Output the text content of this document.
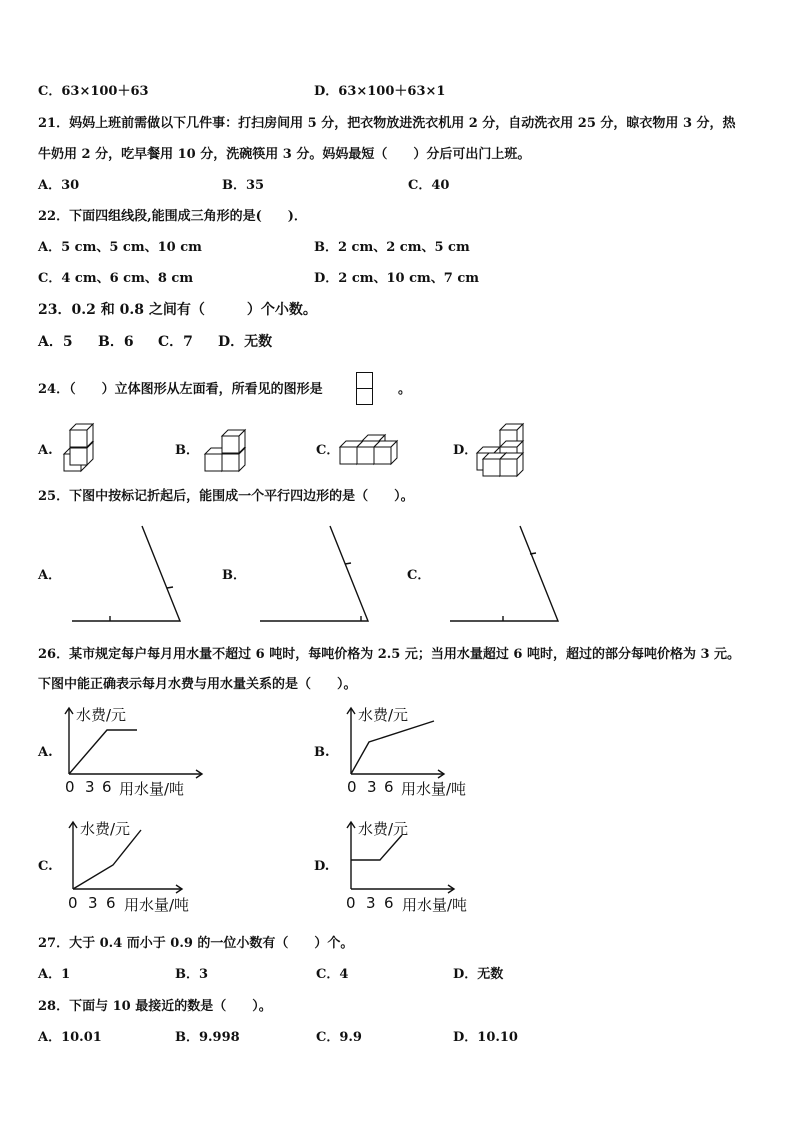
C．63×100＋63	D．63×100＋63×1
21．妈妈上班前需做以下几件事：打扫房间用 5 分，把衣物放进洗衣机用 2 分，自动洗衣用 25 分，晾衣物用 3 分，热
牛奶用 2 分，吃早餐用 10 分，洗碗筷用 3 分。妈妈最短（　　）分后可出门上班。
A．30	B．35	C．40
22．下面四组线段,能围成三角形的是(　　)．
A．5 cm、5 cm、10 cm	B．2 cm、2 cm、5 cm
C．4 cm、6 cm、8 cm	D．2 cm、10 cm、7 cm
23．0.2 和 0.8 之间有（　　　）个小数。
A．5 B．6 C．7 D．无数
24．（　　）立体图形从左面看，所看见的图形是	。
A.	B．	C．	D．
25．下图中按标记折起后，能围成一个平行四边形的是（　　）。
A．	B．	C．
26．某市规定每户每月用水量不超过 6 吨时，每吨价格为 2.5 元；当用水量超过 6 吨时，超过的部分每吨价格为 3 元。
下图中能正确表示每月水费与用水量关系的是（　　）。
A.
水费/元
0 3 6 用水量/吨
B.
水费/元
0 3 6 用水量/吨
C.
水费/元
0 3 6 用水量/吨
D.
水费/元
0 3 6 用水量/吨
27．大于 0.4 而小于 0.9 的一位小数有（　　）个。
A．1	B．3	C．4	D．无数
28．下面与 10 最接近的数是（　　）。
A．10.01	B．9.998	C．9.9	D．10.10
